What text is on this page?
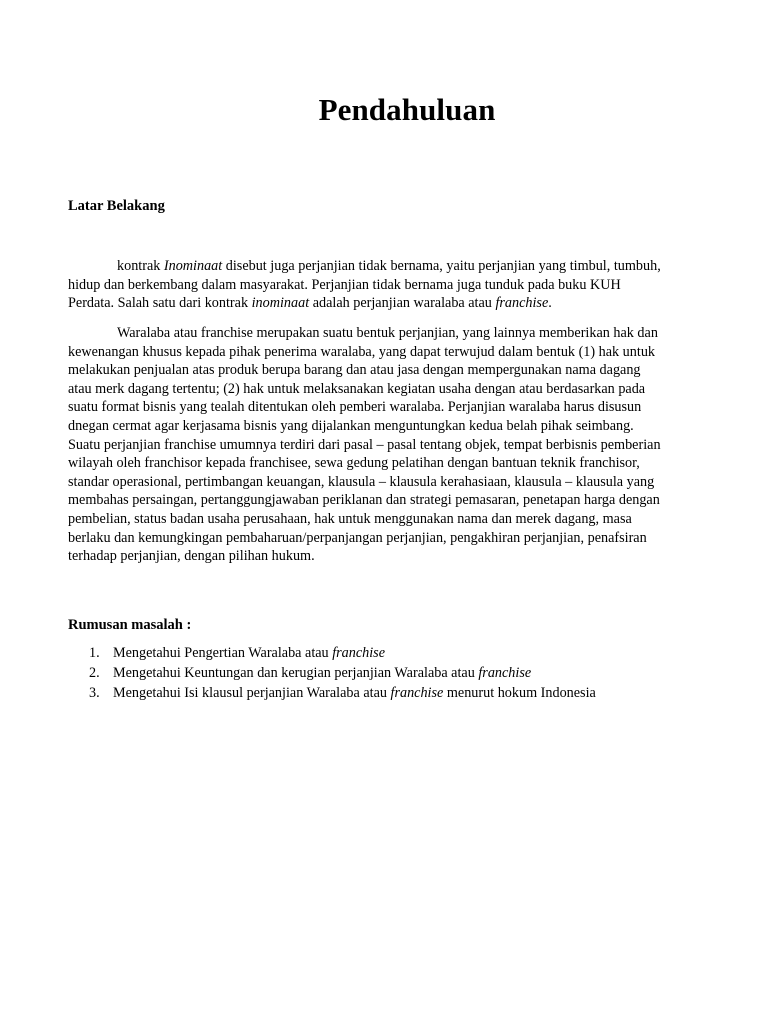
Pendahuluan
Latar Belakang

kontrak Inominaat disebut juga perjanjian tidak bernama, yaitu perjanjian yang timbul, tumbuh,
hidup dan berkembang dalam masyarakat. Perjanjian tidak bernama juga tunduk pada buku KUH
Perdata. Salah satu dari kontrak inominaat adalah perjanjian waralaba atau franchise.

Waralaba atau franchise merupakan suatu bentuk perjanjian, yang lainnya memberikan hak dan
kewenangan khusus kepada pihak penerima waralaba, yang dapat terwujud dalam bentuk (1) hak untuk
melakukan penjualan atas produk berupa barang dan atau jasa dengan mempergunakan nama dagang
atau merk dagang tertentu; (2) hak untuk melaksanakan kegiatan usaha dengan atau berdasarkan pada
suatu format bisnis yang tealah ditentukan oleh pemberi waralaba. Perjanjian waralaba harus disusun
dnegan cermat agar kerjasama bisnis yang dijalankan menguntungkan kedua belah pihak seimbang.
Suatu perjanjian franchise umumnya terdiri dari pasal – pasal tentang objek, tempat berbisnis pemberian
wilayah oleh franchisor kepada franchisee, sewa gedung pelatihan dengan bantuan teknik franchisor,
standar operasional, pertimbangan keuangan, klausula – klausula kerahasiaan, klausula – klausula yang
membahas persaingan, pertanggungjawaban periklanan dan strategi pemasaran, penetapan harga dengan
pembelian, status badan usaha perusahaan, hak untuk menggunakan nama dan merek dagang, masa
berlaku dan kemungkingan pembaharuan/perpanjangan perjanjian, pengakhiran perjanjian, penafsiran
terhadap perjanjian, dengan pilihan hukum.

Rumusan masalah :
1. Mengetahui Pengertian Waralaba atau franchise
2. Mengetahui Keuntungan dan kerugian perjanjian Waralaba atau franchise
3. Mengetahui Isi klausul perjanjian Waralaba atau franchise menurut hokum Indonesia
